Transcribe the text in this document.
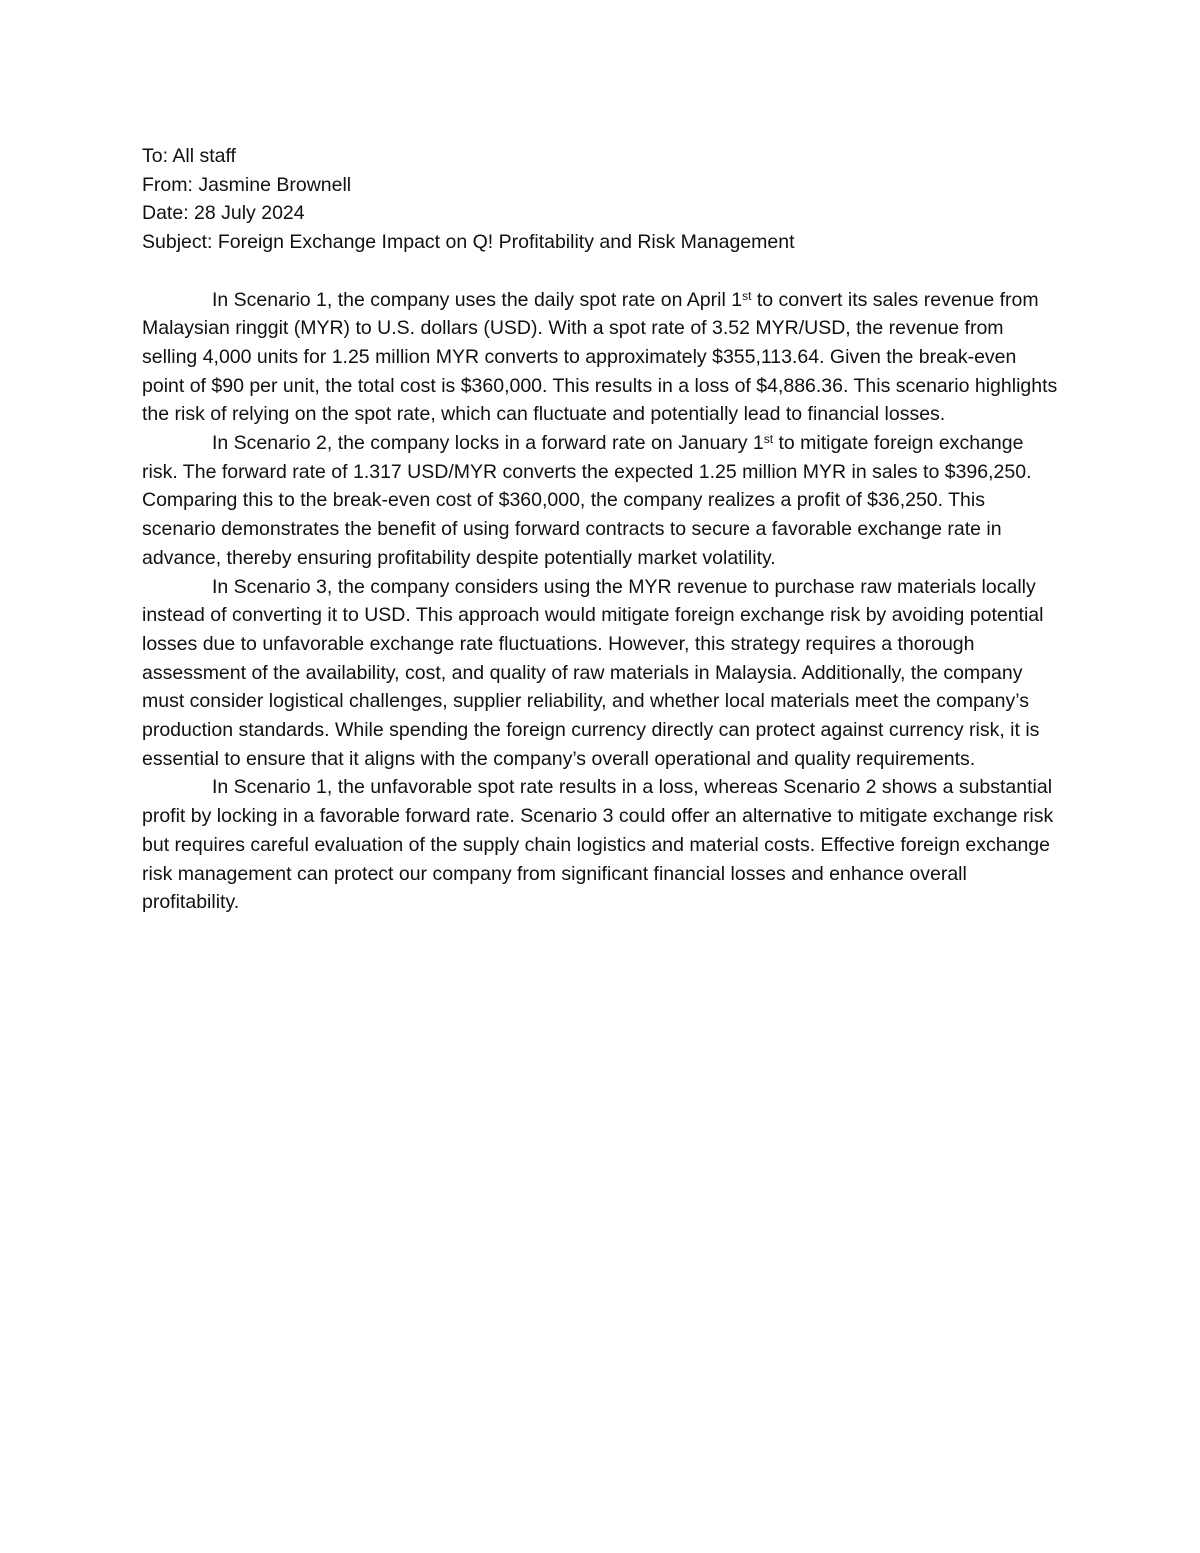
To: All staff

From: Jasmine Brownell

Date: 28 July 2024

Subject: Foreign Exchange Impact on Q! Profitability and Risk Management

In Scenario 1, the company uses the daily spot rate on April 1st to convert its sales revenue from Malaysian ringgit (MYR) to U.S. dollars (USD). With a spot rate of 3.52 MYR/USD, the revenue from selling 4,000 units for 1.25 million MYR converts to approximately $355,113.64. Given the break-even point of $90 per unit, the total cost is $360,000. This results in a loss of $4,886.36. This scenario highlights the risk of relying on the spot rate, which can fluctuate and potentially lead to financial losses.

In Scenario 2, the company locks in a forward rate on January 1st to mitigate foreign exchange risk. The forward rate of 1.317 USD/MYR converts the expected 1.25 million MYR in sales to $396,250. Comparing this to the break-even cost of $360,000, the company realizes a profit of $36,250. This scenario demonstrates the benefit of using forward contracts to secure a favorable exchange rate in advance, thereby ensuring profitability despite potentially market volatility.

In Scenario 3, the company considers using the MYR revenue to purchase raw materials locally instead of converting it to USD. This approach would mitigate foreign exchange risk by avoiding potential losses due to unfavorable exchange rate fluctuations. However, this strategy requires a thorough assessment of the availability, cost, and quality of raw materials in Malaysia. Additionally, the company must consider logistical challenges, supplier reliability, and whether local materials meet the company’s production standards. While spending the foreign currency directly can protect against currency risk, it is essential to ensure that it aligns with the company’s overall operational and quality requirements.

In Scenario 1, the unfavorable spot rate results in a loss, whereas Scenario 2 shows a substantial profit by locking in a favorable forward rate. Scenario 3 could offer an alternative to mitigate exchange risk but requires careful evaluation of the supply chain logistics and material costs. Effective foreign exchange risk management can protect our company from significant financial losses and enhance overall profitability.
